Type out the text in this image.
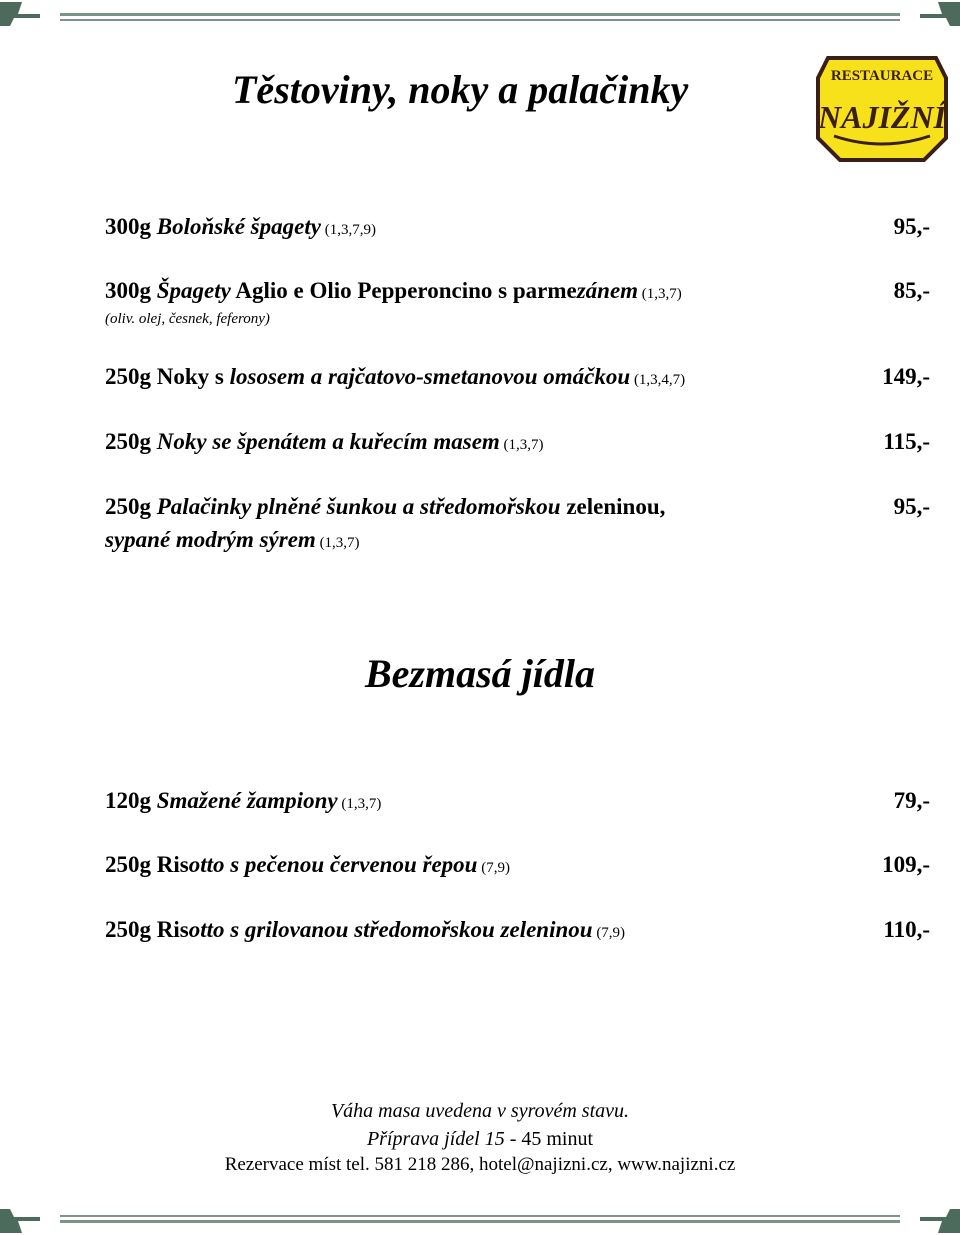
Těstoviny, noky a palačinky	RESTAURACE
NAJIŽNÍ
300g Boloňské špagety (1,3,7,9)	95,-
300g Špagety Aglio e Olio Pepperoncino s parmezánem (1,3,7)	85,-
(oliv. olej, česnek, feferony)
250g Noky s lososem a rajčatovo-smetanovou omáčkou (1,3,4,7)	149,-
250g Noky se špenátem a kuřecím masem (1,3,7)	115,-
250g Palačinky plněné šunkou a středomořskou zeleninou,	95,-
sypané modrým sýrem (1,3,7)
Bezmasá jídla
120g Smažené žampiony (1,3,7)	79,-
250g Risotto s pečenou červenou řepou (7,9)	109,-
250g Risotto s grilovanou středomořskou zeleninou (7,9)	110,-
Váha masa uvedena v syrovém stavu.
Příprava jídel 15 - 45 minut
Rezervace míst tel. 581 218 286, hotel@najizni.cz, www.najizni.cz
